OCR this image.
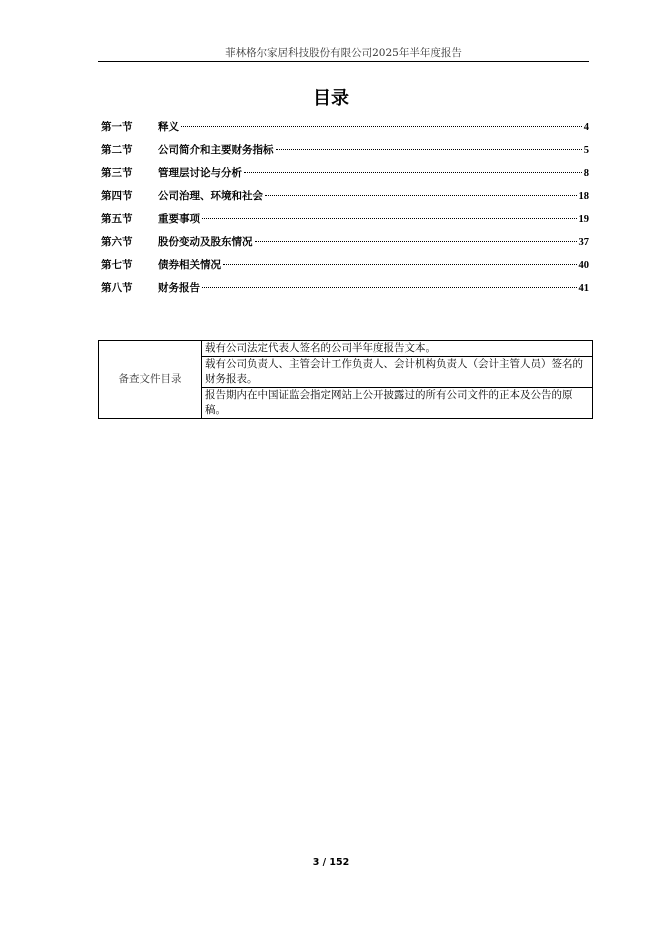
菲林格尔家居科技股份有限公司2025年半年度报告
目录
第一节	释义	4
第二节	公司简介和主要财务指标	5
第三节	管理层讨论与分析	8
第四节	公司治理、环境和社会	18
第五节	重要事项	19
第六节	股份变动及股东情况	37
第七节	债券相关情况	40
第八节	财务报告	41
备查文件目录	载有公司法定代表人签名的公司半年度报告文本。
载有公司负责人、主管会计工作负责人、会计机构负责人（会计主管人员）签名的财务报表。
报告期内在中国证监会指定网站上公开披露过的所有公司文件的正本及公告的原稿。
3 / 152
